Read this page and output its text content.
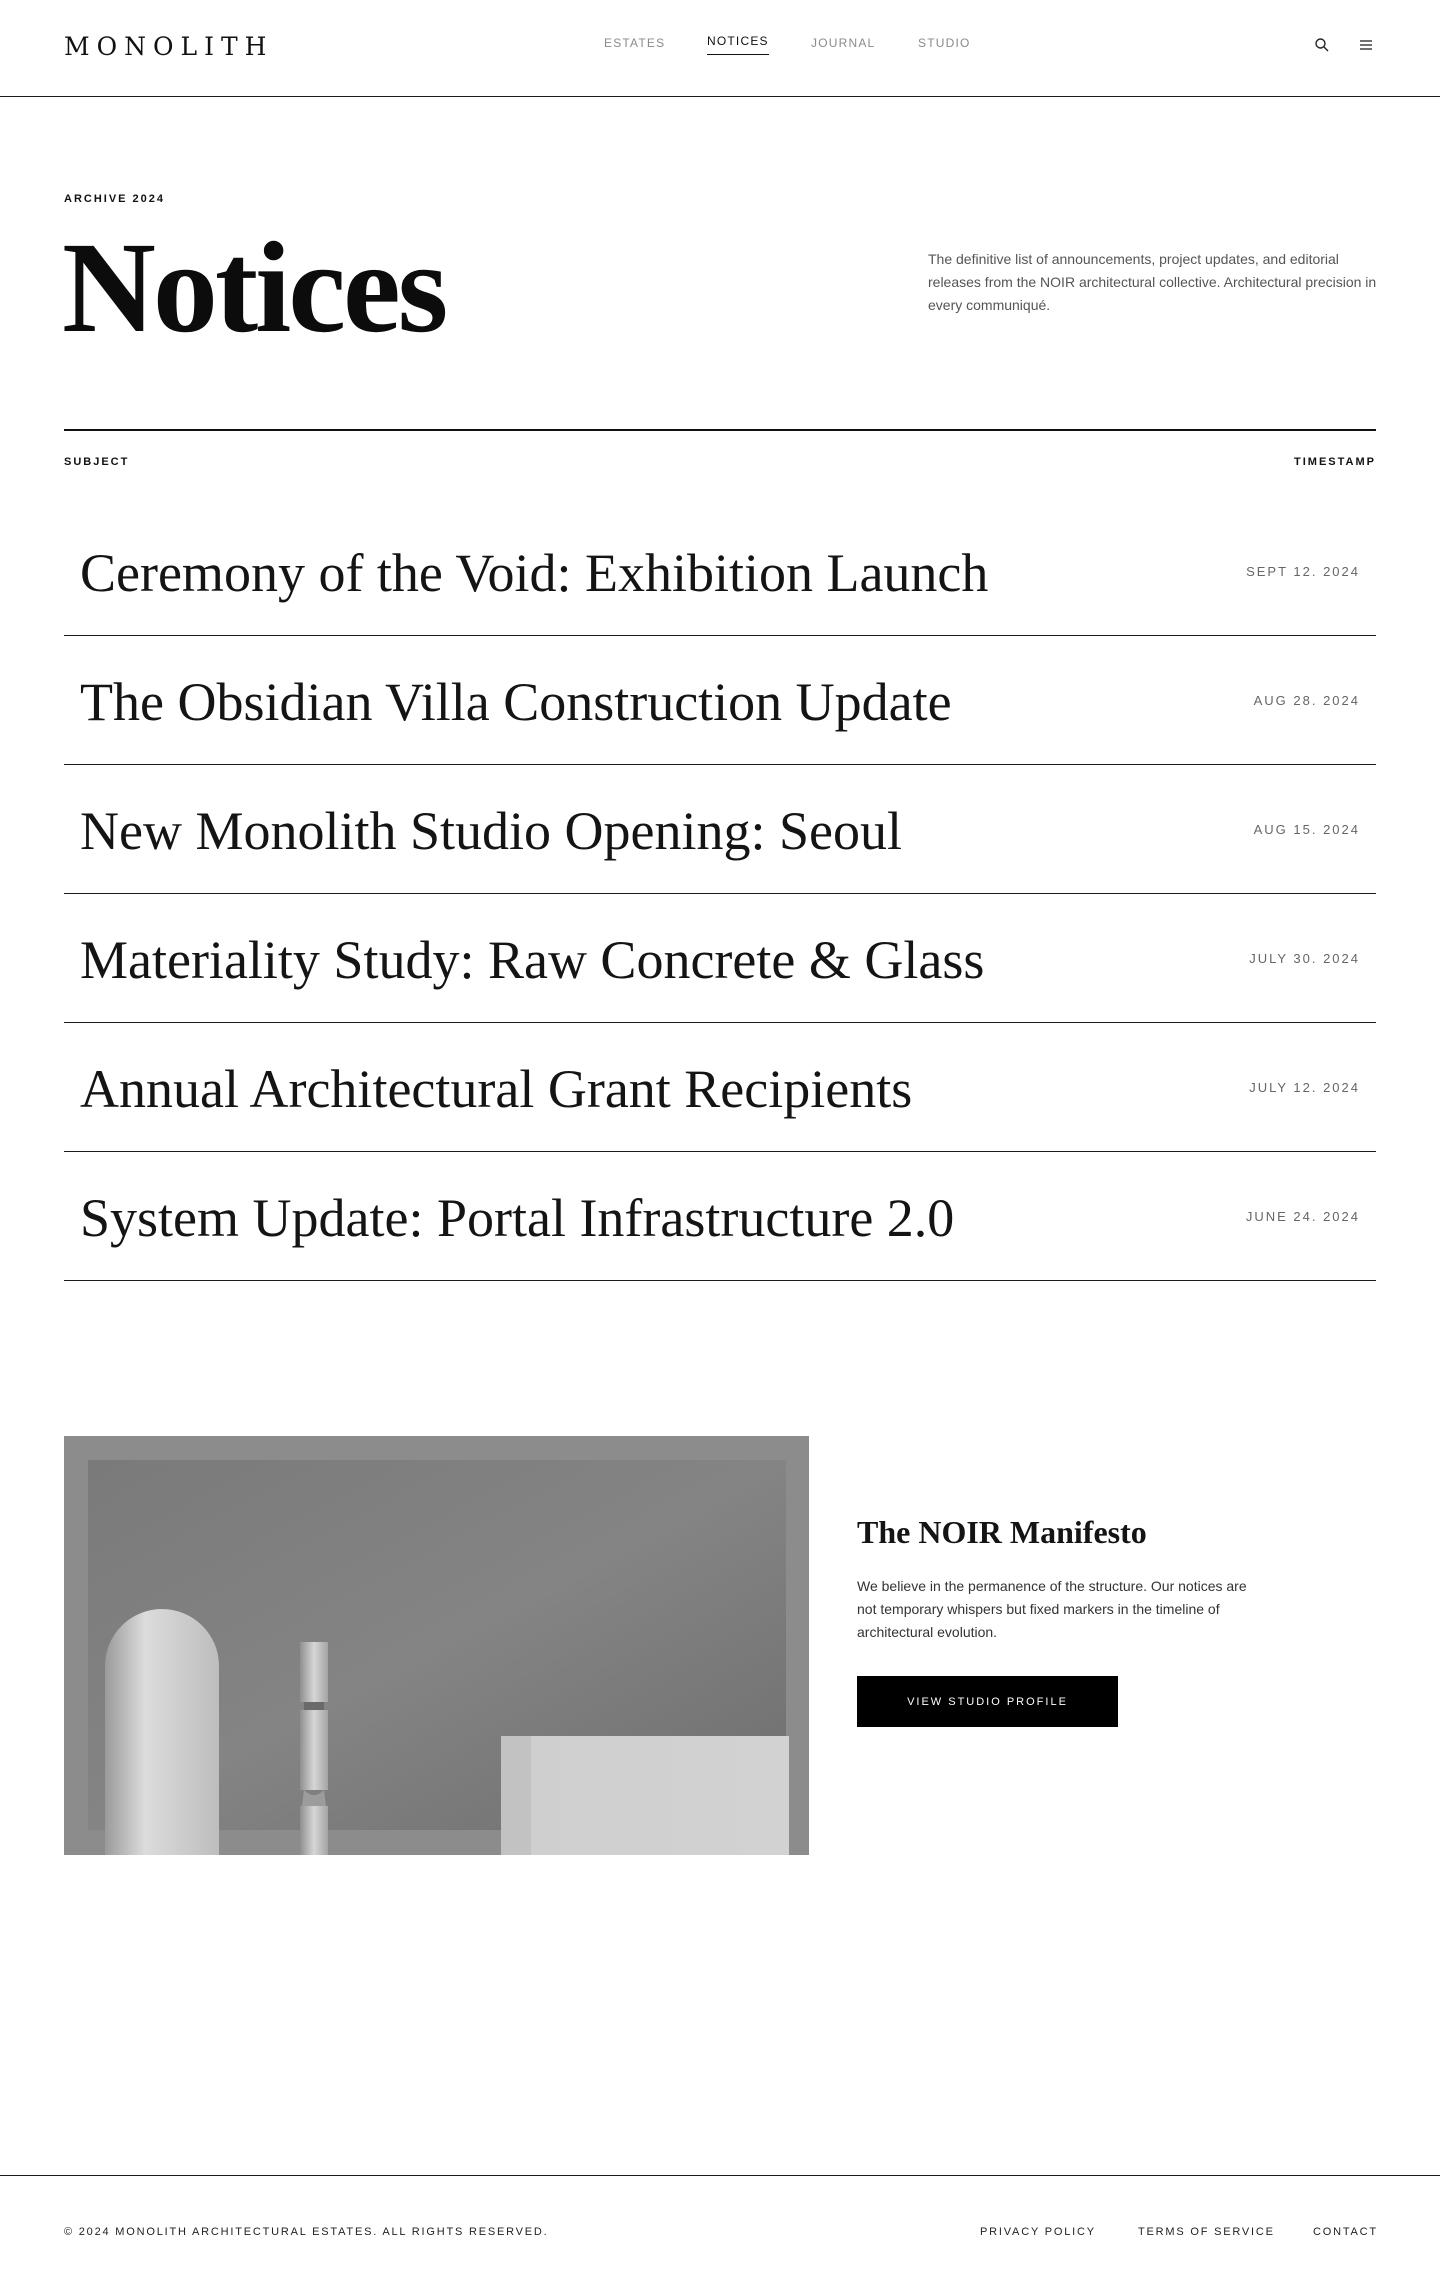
MONOLITH	ESTATES	NOTICES	JOURNAL	STUDIO
ARCHIVE 2024
Notices	The definitive list of announcements, project updates, and editorial releases from the NOIR architectural collective. Architectural precision in every communiqué.

SUBJECT	TIMESTAMP
Ceremony of the Void: Exhibition Launch	SEPT 12. 2024
The Obsidian Villa Construction Update	AUG 28. 2024
New Monolith Studio Opening: Seoul	AUG 15. 2024
Materiality Study: Raw Concrete & Glass	JULY 30. 2024
Annual Architectural Grant Recipients	JULY 12. 2024
System Update: Portal Infrastructure 2.0	JUNE 24. 2024
The NOIR Manifesto

We believe in the permanence of the structure. Our notices are not temporary whispers but fixed markers in the timeline of architectural evolution.

VIEW STUDIO PROFILE
© 2024 MONOLITH ARCHITECTURAL ESTATES. ALL RIGHTS RESERVED.	PRIVACY POLICY	TERMS OF SERVICE	CONTACT
